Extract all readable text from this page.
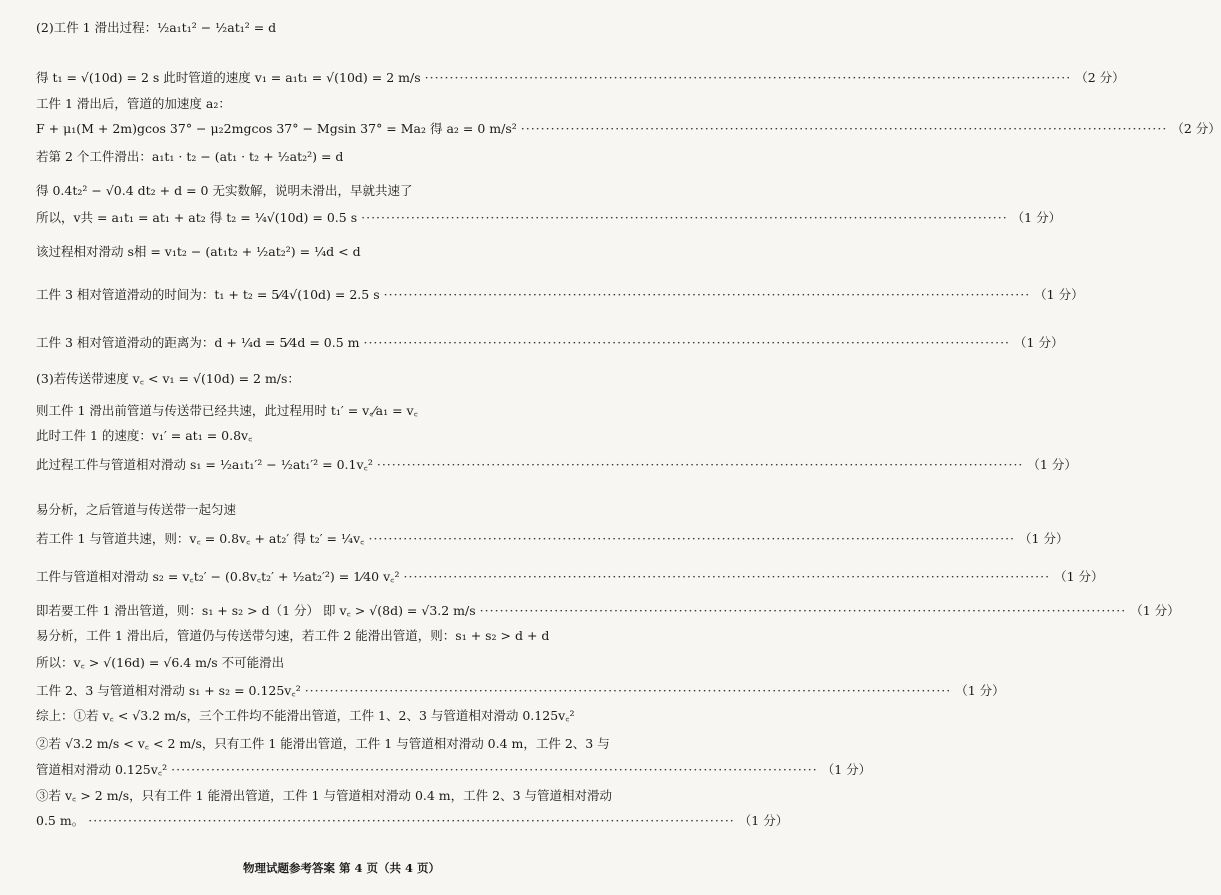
(2)工件 1 滑出过程：½a₁t₁² − ½at₁² = d
得 t₁ = √(10d) = 2 s 此时管道的速度 v₁ = a₁t₁ = √(10d) = 2 m/s ·····	（2 分）
工件 1 滑出后，管道的加速度 a₂：
F + μ₁(M + 2m)gcos 37° − μ₂2mgcos 37° − Mgsin 37° = Ma₂ 得 a₂ = 0 m/s² ·····	（2 分）
若第 2 个工件滑出：a₁t₁ · t₂ − (at₁ · t₂ + ½at₂²) = d
得 0.4t₂² − √0.4 dt₂ + d = 0 无实数解，说明未滑出，早就共速了
所以，v共 = a₁t₁ = at₁ + at₂ 得 t₂ = ¼√(10d) = 0.5 s ·····	（1 分）
该过程相对滑动 s相 = v₁t₂ − (at₁t₂ + ½at₂²) = ¼d < d
工件 3 相对管道滑动的时间为：t₁ + t₂ = 5⁄4√(10d) = 2.5 s ·····	（1 分）
工件 3 相对管道滑动的距离为：d + ¼d = 5⁄4d = 0.5 m ·····	（1 分）
(3)若传送带速度 v꜀ < v₁ = √(10d) = 2 m/s：
则工件 1 滑出前管道与传送带已经共速，此过程用时 t₁′ = v꜀⁄a₁ = v꜀
此时工件 1 的速度：v₁′ = at₁ = 0.8v꜀
此过程工件与管道相对滑动 s₁ = ½a₁t₁′² − ½at₁′² = 0.1v꜀² ·····	（1 分）
易分析，之后管道与传送带一起匀速
若工件 1 与管道共速，则：v꜀ = 0.8v꜀ + at₂′ 得 t₂′ = ¼v꜀ ·····	（1 分）
工件与管道相对滑动 s₂ = v꜀t₂′ − (0.8v꜀t₂′ + ½at₂′²) = 1⁄40 v꜀² ·····	（1 分）
即若要工件 1 滑出管道，则：s₁ + s₂ > d（1 分） 即 v꜀ > √(8d) = √3.2 m/s ·····	（1 分）
易分析，工件 1 滑出后，管道仍与传送带匀速，若工件 2 能滑出管道，则：s₁ + s₂ > d + d
所以：v꜀ > √(16d) = √6.4 m/s 不可能滑出
工件 2、3 与管道相对滑动 s₁ + s₂ = 0.125v꜀² ·····	（1 分）
综上：①若 v꜀ < √3.2 m/s，三个工件均不能滑出管道，工件 1、2、3 与管道相对滑动 0.125v꜀²
②若 √3.2 m/s < v꜀ < 2 m/s，只有工件 1 能滑出管道，工件 1 与管道相对滑动 0.4 m，工件 2、3 与
管道相对滑动 0.125v꜀² ·····	（1 分）
③若 v꜀ > 2 m/s，只有工件 1 能滑出管道，工件 1 与管道相对滑动 0.4 m，工件 2、3 与管道相对滑动
0.5 m。 ·····	（1 分）
物理试题参考答案 第 4 页（共 4 页）
